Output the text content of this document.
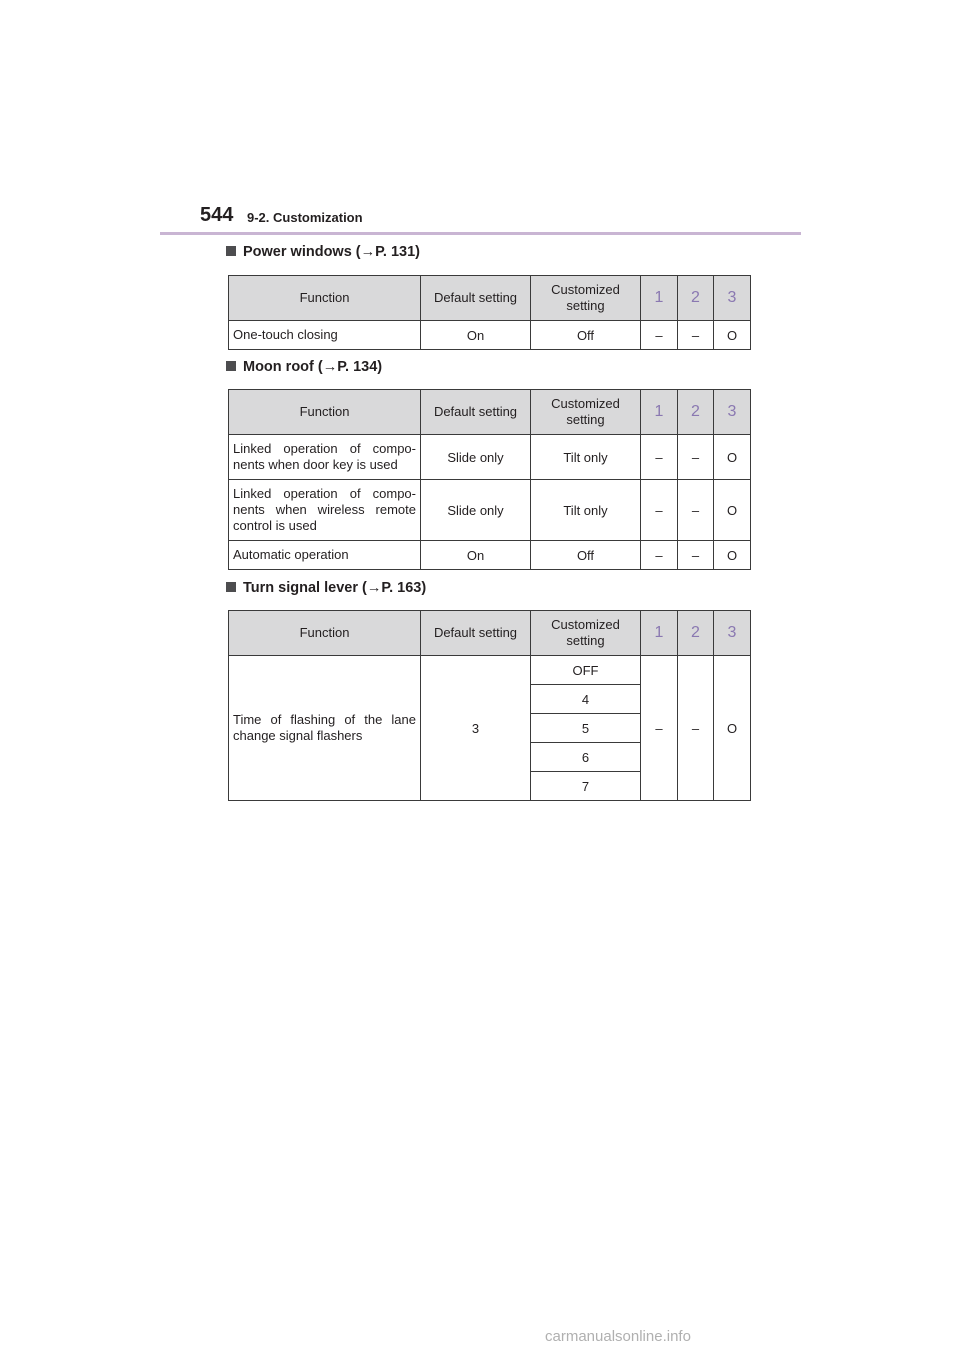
544 9-2. Customization
Power windows (→P. 131)
Function	Default setting	Customized setting	1	2	3
One-touch closing	On	Off	–	–	O
Moon roof (→P. 134)
Function	Default setting	Customized setting	1	2	3
Linked operation of compo-nents when door key is used	Slide only	Tilt only	–	–	O
Linked operation of compo-nents when wireless remote control is used	Slide only	Tilt only	–	–	O
Automatic operation	On	Off	–	–	O
Turn signal lever (→P. 163)
Function	Default setting	Customized setting	1	2	3
Time of flashing of the lane change signal flashers	3	OFF	–	–	O
		4			
		5			
		6			
		7			
carmanualsonline.info
